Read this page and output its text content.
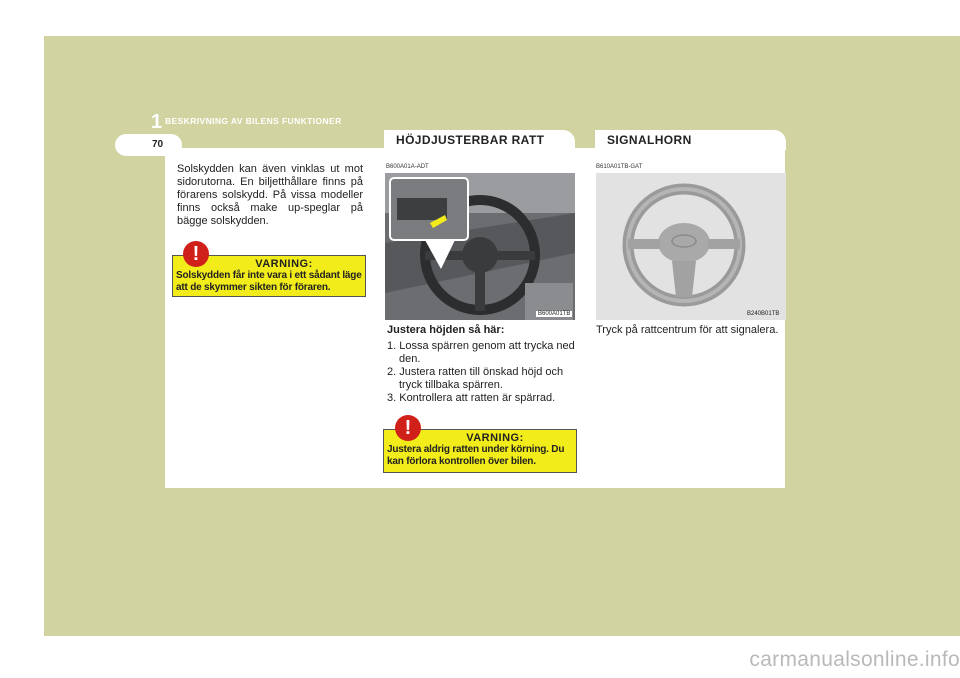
1 BESKRIVNING AV BILENS FUNKTIONER
70
Solskydden kan även vinklas ut mot sidorutorna. En biljetthållare finns på förarens solskydd. På vissa modeller finns också make up-speglar på bägge solskydden.
VARNING:
Solskydden får inte vara i ett sådant läge att de skymmer sikten för föraren.
!
HÖJDJUSTERBAR RATT
B600A01A-ADT
B600A01TB
Justera höjden så här:
1. Lossa spärren genom att trycka ned den.
2. Justera ratten till önskad höjd och tryck tillbaka spärren.
3. Kontrollera att ratten är spärrad.
VARNING:
Justera aldrig ratten under körning. Du kan förlora kontrollen över bilen.
!
SIGNALHORN
B610A01TB-GAT
B240B01TB
Tryck på rattcentrum för att signalera.
carmanualsonline.info
